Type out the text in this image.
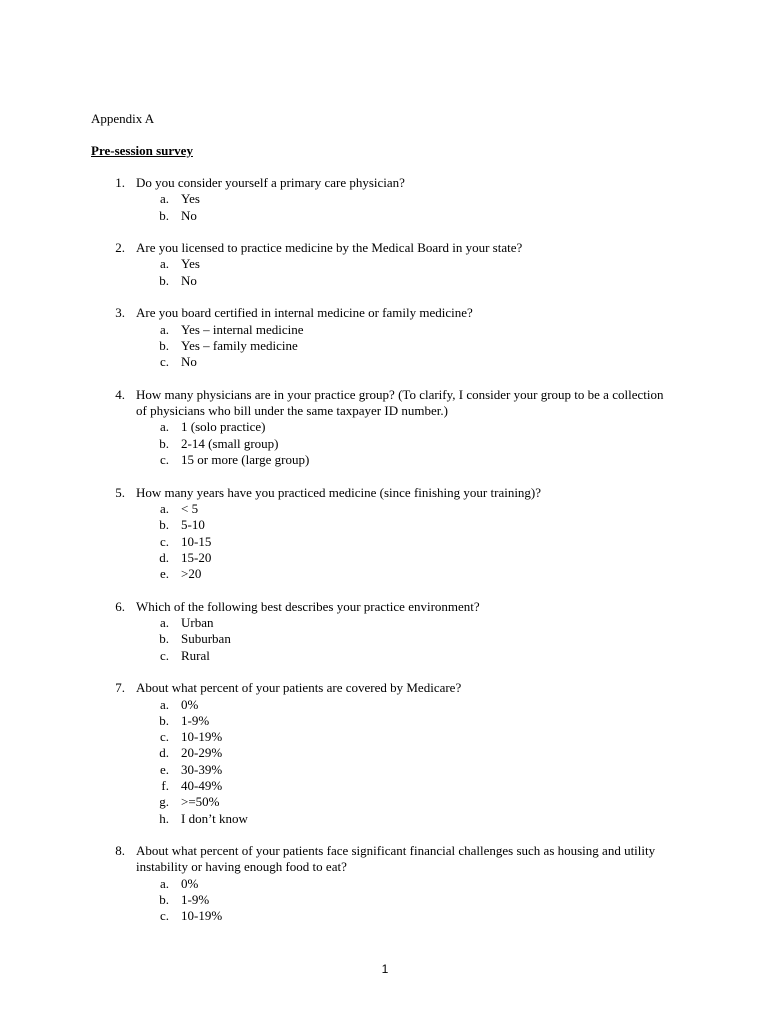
Appendix A

Pre-session survey

1. Do you consider yourself a primary care physician?
a. Yes
b. No
2. Are you licensed to practice medicine by the Medical Board in your state?
a. Yes
b. No
3. Are you board certified in internal medicine or family medicine?
a. Yes – internal medicine
b. Yes – family medicine
c. No
4. How many physicians are in your practice group? (To clarify, I consider your group to be a collection of physicians who bill under the same taxpayer ID number.)
a. 1 (solo practice)
b. 2-14 (small group)
c. 15 or more (large group)
5. How many years have you practiced medicine (since finishing your training)?
a. < 5
b. 5-10
c. 10-15
d. 15-20
e. >20
6. Which of the following best describes your practice environment?
a. Urban
b. Suburban
c. Rural
7. About what percent of your patients are covered by Medicare?
a. 0%
b. 1-9%
c. 10-19%
d. 20-29%
e. 30-39%
f. 40-49%
g. >=50%
h. I don’t know
8. About what percent of your patients face significant financial challenges such as housing and utility instability or having enough food to eat?
a. 0%
b. 1-9%
c. 10-19%
1
